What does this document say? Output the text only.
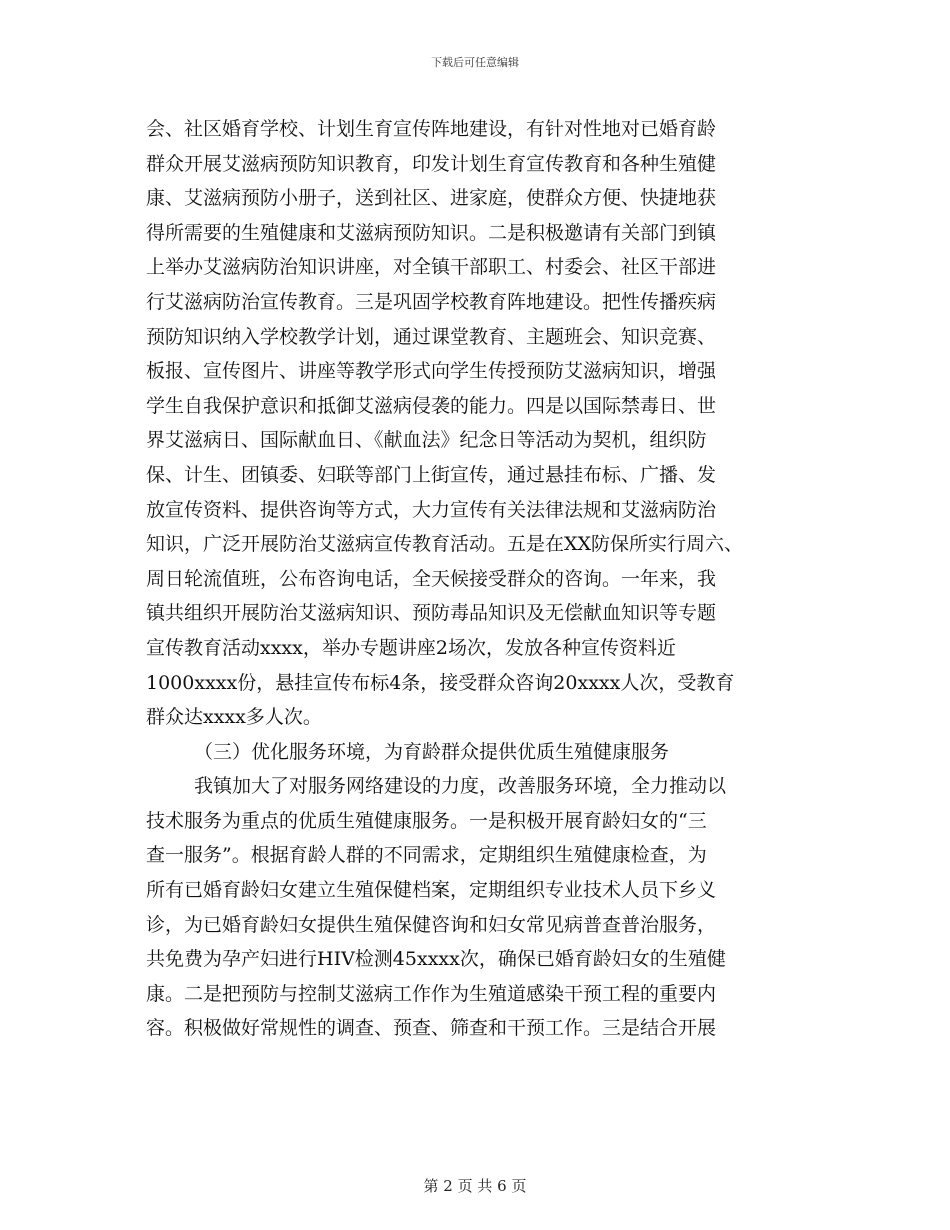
下载后可任意编辑
会、社区婚育学校、计划生育宣传阵地建设，有针对性地对已婚育龄
群众开展艾滋病预防知识教育，印发计划生育宣传教育和各种生殖健
康、艾滋病预防小册子，送到社区、进家庭，使群众方便、快捷地获
得所需要的生殖健康和艾滋病预防知识。二是积极邀请有关部门到镇
上举办艾滋病防治知识讲座，对全镇干部职工、村委会、社区干部进
行艾滋病防治宣传教育。三是巩固学校教育阵地建设。把性传播疾病
预防知识纳入学校教学计划，通过课堂教育、主题班会、知识竞赛、
板报、宣传图片、讲座等教学形式向学生传授预防艾滋病知识，增强
学生自我保护意识和抵御艾滋病侵袭的能力。四是以国际禁毒日、世
界艾滋病日、国际献血日、《献血法》纪念日等活动为契机，组织防
保、计生、团镇委、妇联等部门上街宣传，通过悬挂布标、广播、发
放宣传资料、提供咨询等方式，大力宣传有关法律法规和艾滋病防治
知识，广泛开展防治艾滋病宣传教育活动。五是在XX防保所实行周六、
周日轮流值班，公布咨询电话，全天候接受群众的咨询。一年来，我
镇共组织开展防治艾滋病知识、预防毒品知识及无偿献血知识等专题
宣传教育活动xxxx，举办专题讲座2场次，发放各种宣传资料近
1000xxxx份，悬挂宣传布标4条，接受群众咨询20xxxx人次，受教育
群众达xxxx多人次。
（三）优化服务环境，为育龄群众提供优质生殖健康服务
我镇加大了对服务网络建设的力度，改善服务环境，全力推动以
技术服务为重点的优质生殖健康服务。一是积极开展育龄妇女的“三
查一服务”。根据育龄人群的不同需求，定期组织生殖健康检查，为
所有已婚育龄妇女建立生殖保健档案，定期组织专业技术人员下乡义
诊，为已婚育龄妇女提供生殖保健咨询和妇女常见病普查普治服务，
共免费为孕产妇进行HIV检测45xxxx次，确保已婚育龄妇女的生殖健
康。二是把预防与控制艾滋病工作作为生殖道感染干预工程的重要内
容。积极做好常规性的调查、预查、筛查和干预工作。三是结合开展
第 2 页 共 6 页
